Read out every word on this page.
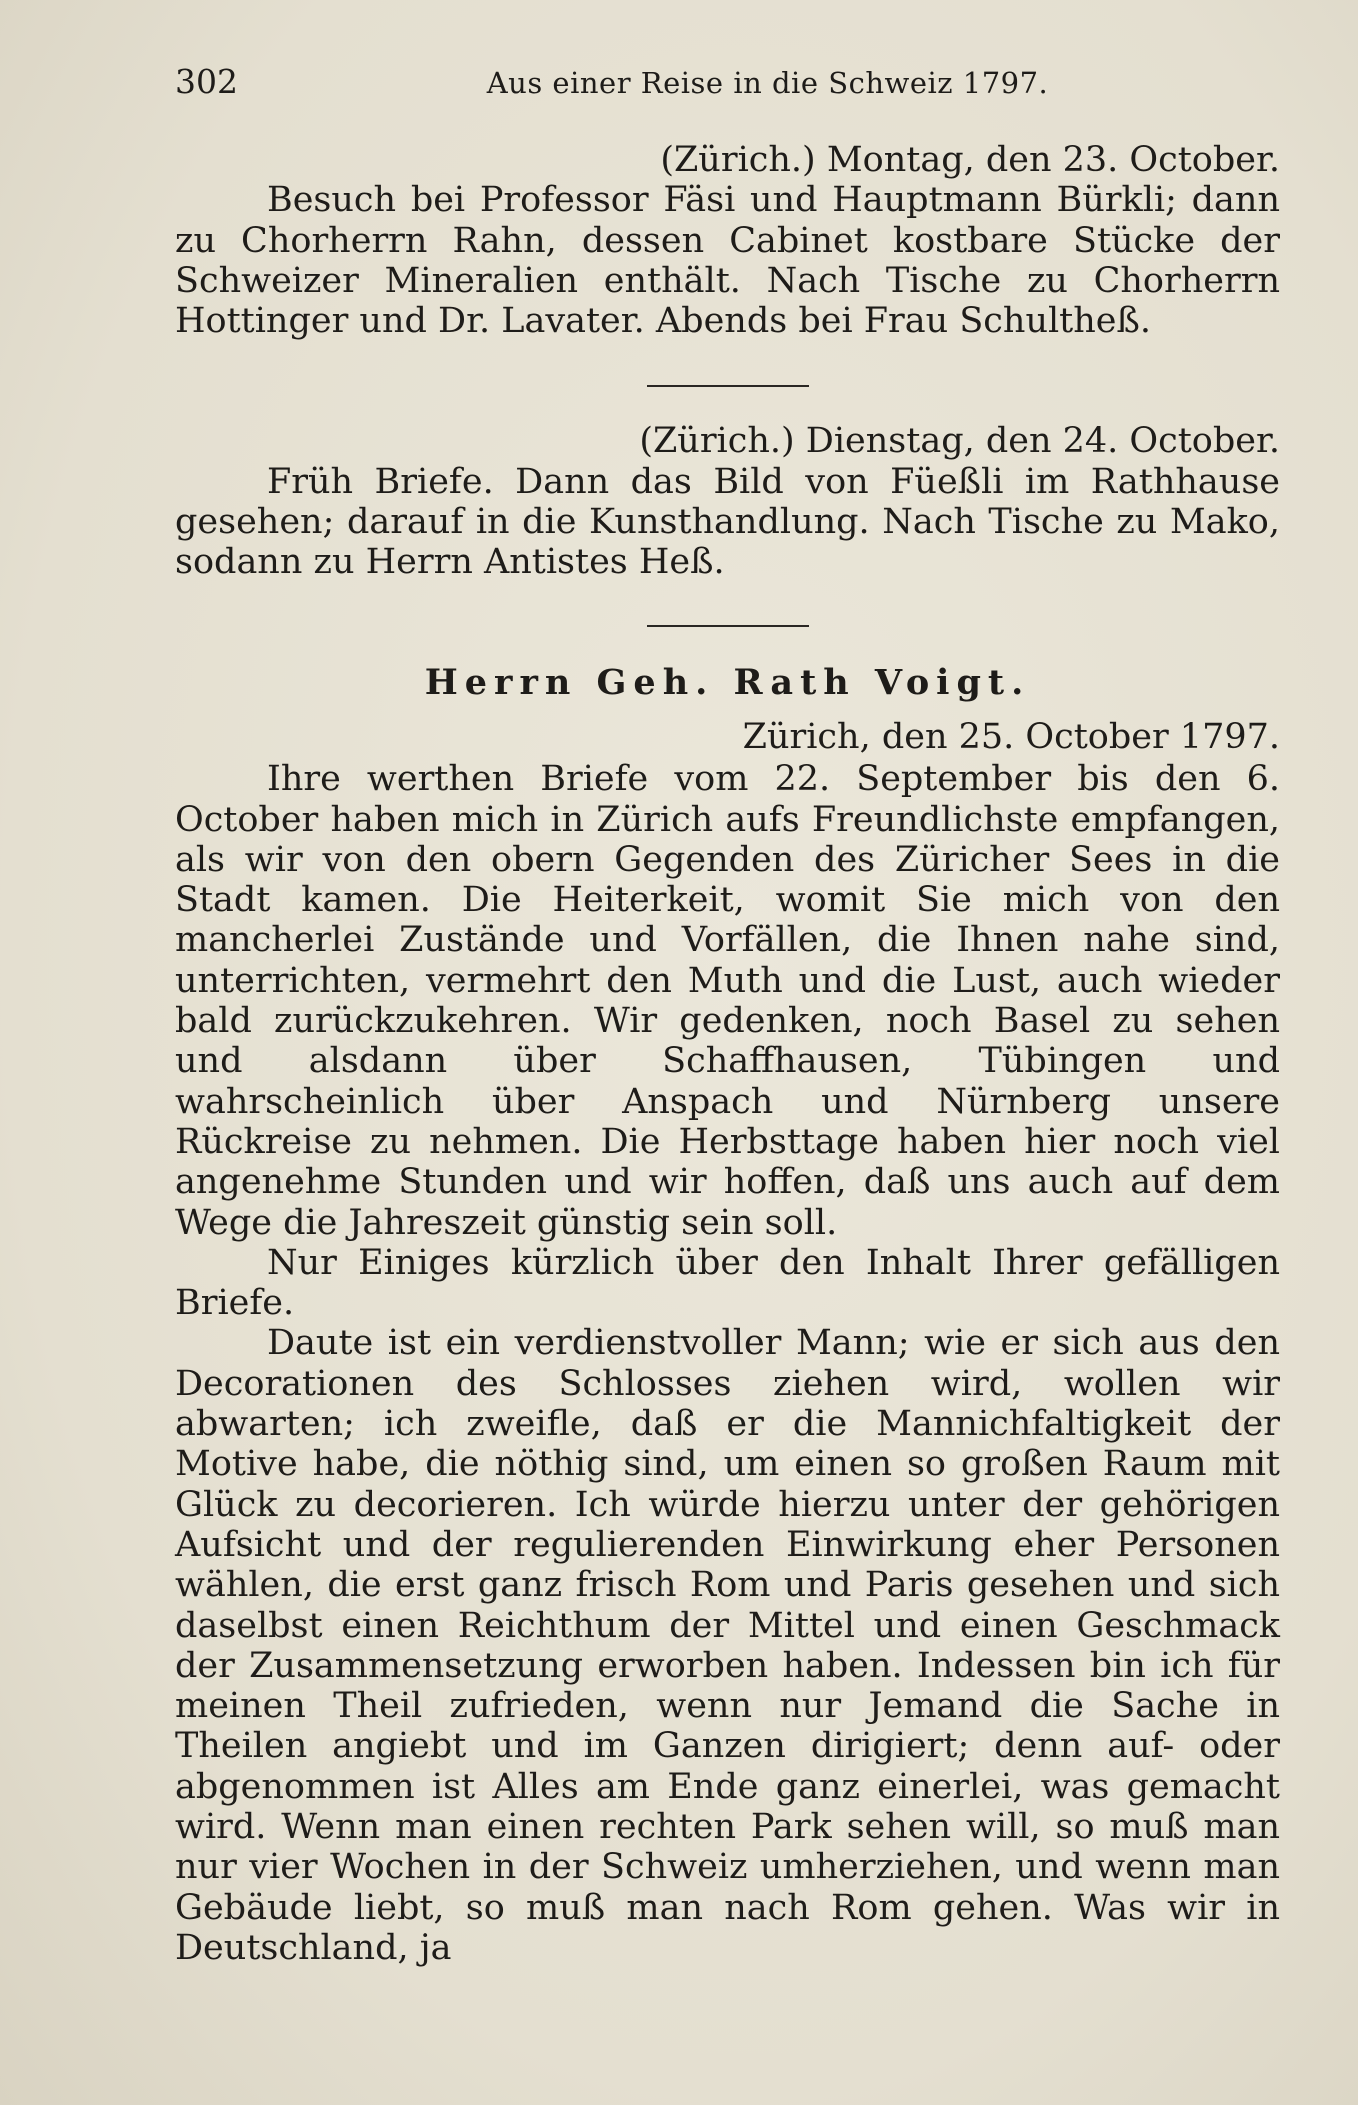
302	Aus einer Reise in die Schweiz 1797.

(Zürich.) Montag, den 23. October.

Besuch bei Professor Fäsi und Hauptmann Bürkli; dann zu Chorherrn Rahn, dessen Cabinet kostbare Stücke der Schweizer Mineralien enthält. Nach Tische zu Chorherrn Hottinger und Dr. Lavater. Abends bei Frau Schultheß.

(Zürich.) Dienstag, den 24. October.

Früh Briefe. Dann das Bild von Füeßli im Rathhause gesehen; darauf in die Kunsthandlung. Nach Tische zu Mako, sodann zu Herrn Antistes Heß.

Herrn Geh. Rath Voigt.

Zürich, den 25. October 1797.

Ihre werthen Briefe vom 22. September bis den 6. October haben mich in Zürich aufs Freundlichste empfangen, als wir von den obern Gegenden des Züricher Sees in die Stadt kamen. Die Heiterkeit, womit Sie mich von den mancherlei Zustände und Vorfällen, die Ihnen nahe sind, unterrichten, vermehrt den Muth und die Lust, auch wieder bald zurückzukehren. Wir gedenken, noch Basel zu sehen und alsdann über Schaffhausen, Tübingen und wahrscheinlich über Anspach und Nürnberg unsere Rückreise zu nehmen. Die Herbsttage haben hier noch viel angenehme Stunden und wir hoffen, daß uns auch auf dem Wege die Jahreszeit günstig sein soll.

Nur Einiges kürzlich über den Inhalt Ihrer gefälligen Briefe.

Daute ist ein verdienstvoller Mann; wie er sich aus den Decorationen des Schlosses ziehen wird, wollen wir abwarten; ich zweifle, daß er die Mannichfaltigkeit der Motive habe, die nöthig sind, um einen so großen Raum mit Glück zu decorieren. Ich würde hierzu unter der gehörigen Aufsicht und der regulierenden Einwirkung eher Personen wählen, die erst ganz frisch Rom und Paris gesehen und sich daselbst einen Reichthum der Mittel und einen Geschmack der Zusammensetzung erworben haben. Indessen bin ich für meinen Theil zufrieden, wenn nur Jemand die Sache in Theilen angiebt und im Ganzen dirigiert; denn auf- oder abgenommen ist Alles am Ende ganz einerlei, was gemacht wird. Wenn man einen rechten Park sehen will, so muß man nur vier Wochen in der Schweiz umherziehen, und wenn man Gebäude liebt, so muß man nach Rom gehen. Was wir in Deutschland, ja
